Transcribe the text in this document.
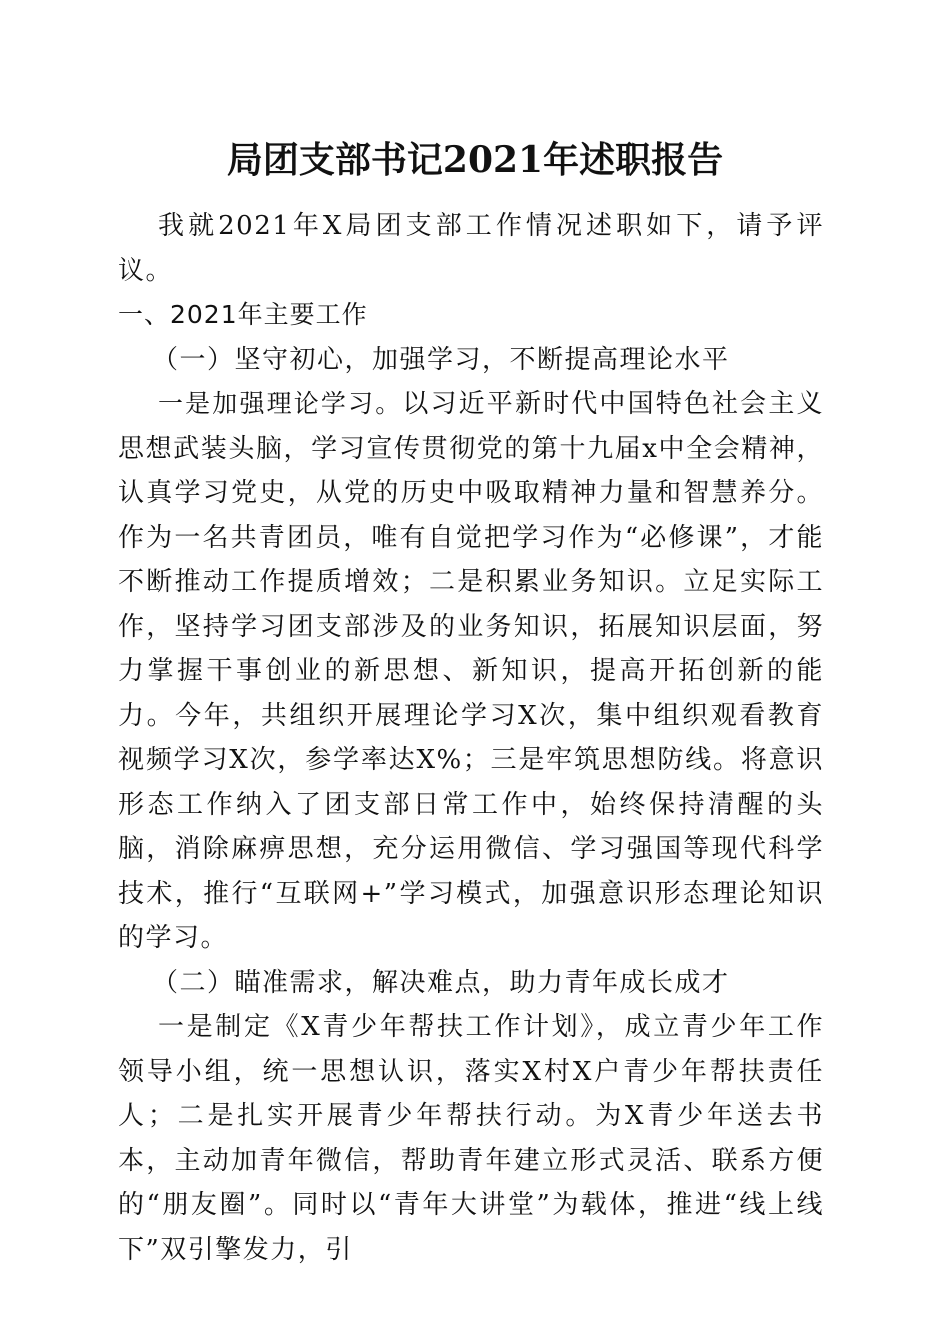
局团支部书记2021年述职报告

我就2021年X局团支部工作情况述职如下，请予评议。

一、2021年主要工作

（一）坚守初心，加强学习，不断提高理论水平

一是加强理论学习。以习近平新时代中国特色社会主义思想武装头脑，学习宣传贯彻党的第十九届x中全会精神，认真学习党史，从党的历史中吸取精神力量和智慧养分。作为一名共青团员，唯有自觉把学习作为“必修课”，才能不断推动工作提质增效；二是积累业务知识。立足实际工作，坚持学习团支部涉及的业务知识，拓展知识层面，努力掌握干事创业的新思想、新知识，提高开拓创新的能力。今年，共组织开展理论学习X次，集中组织观看教育视频学习X次，参学率达X%；三是牢筑思想防线。将意识形态工作纳入了团支部日常工作中，始终保持清醒的头脑，消除麻痹思想，充分运用微信、学习强国等现代科学技术，推行“互联网+”学习模式，加强意识形态理论知识的学习。

（二）瞄准需求，解决难点，助力青年成长成才

一是制定《X青少年帮扶工作计划》，成立青少年工作领导小组，统一思想认识，落实X村X户青少年帮扶责任人；二是扎实开展青少年帮扶行动。为X青少年送去书本，主动加青年微信，帮助青年建立形式灵活、联系方便的“朋友圈”。同时以“青年大讲堂”为载体，推进“线上线下”双引擎发力，引
